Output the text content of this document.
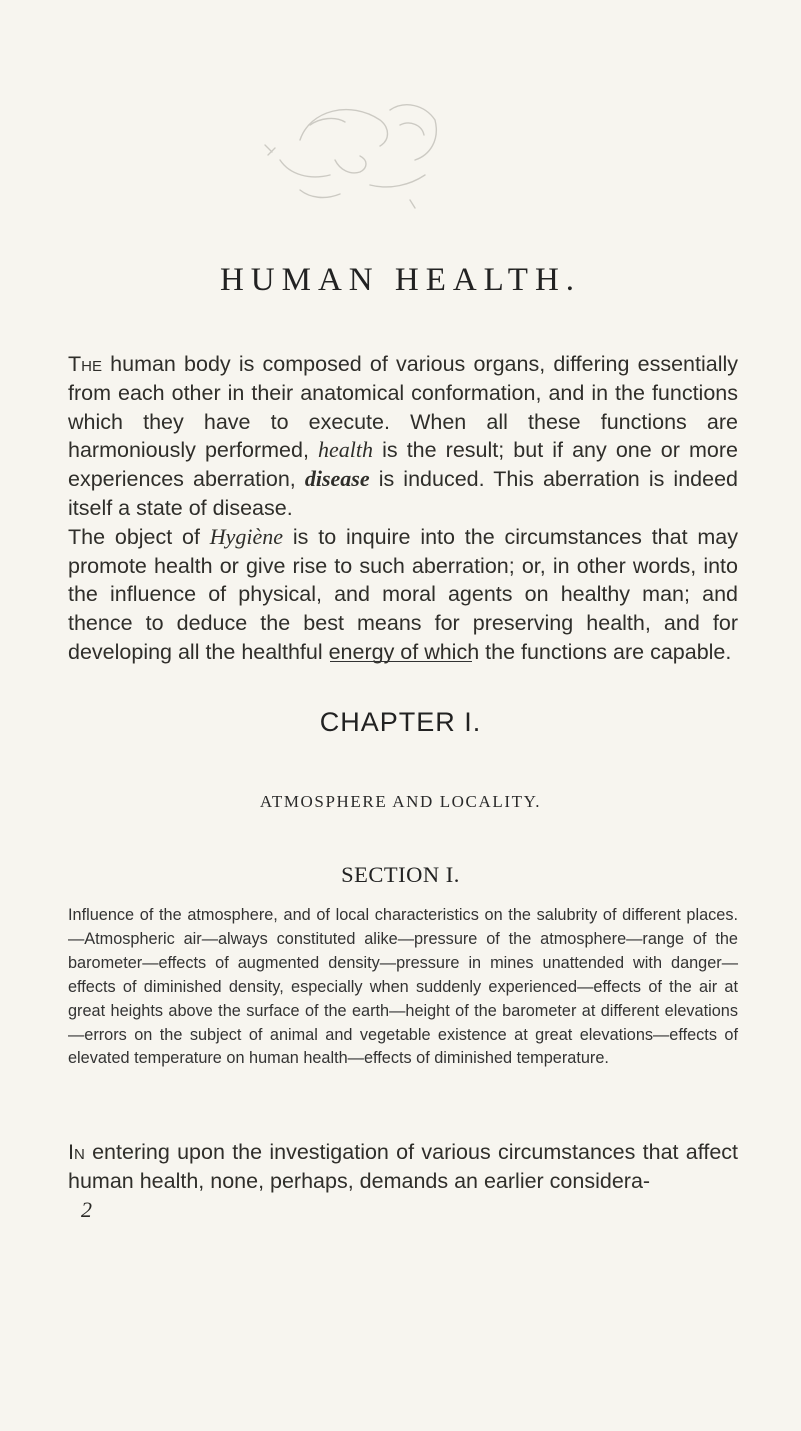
HUMAN HEALTH.

The human body is composed of various organs, differing essentially from each other in their anatomical conformation, and in the functions which they have to execute. When all these functions are harmoniously performed, health is the result; but if any one or more experiences aberration, disease is induced. This aberration is indeed itself a state of disease.

The object of Hygiène is to inquire into the circumstances that may promote health or give rise to such aberration; or, in other words, into the influence of physical, and moral agents on healthy man; and thence to deduce the best means for preserving health, and for developing all the healthful energy of which the functions are capable.

CHAPTER I.
ATMOSPHERE AND LOCALITY.
SECTION I.
Influence of the atmosphere, and of local characteristics on the salubrity of different places.—Atmospheric air—always constituted alike—pressure of the atmosphere—range of the barometer—effects of augmented density—pressure in mines unattended with danger—effects of diminished density, especially when suddenly experienced—effects of the air at great heights above the surface of the earth—height of the barometer at different elevations—errors on the subject of animal and vegetable existence at great elevations—effects of elevated temperature on human health—effects of diminished temperature.
In entering upon the investigation of various circumstances that affect human health, none, perhaps, demands an earlier considera-
2
